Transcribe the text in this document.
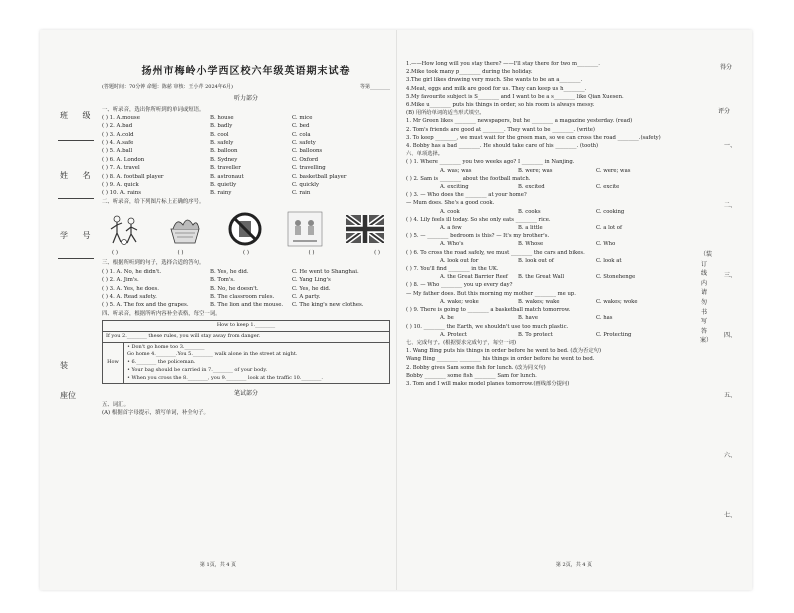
班 级
姓 名
学 号
装
座位
扬州市梅岭小学西区校六年级英语期末试卷
(答题时间：70分钟 命题：陈慈 审核：王小芹 2024年6月)	等第________
听力部分
一、听录音，选出你所听到的单词或短语。
( ) 1. A.mouse	B. house	C. mice
( ) 2. A.bad	B. badly	C. bed
( ) 3. A.cold	B. cool	C. cola
( ) 4. A.safe	B. safely	C. safety
( ) 5. A.ball	B. balloon	C. balloons
( ) 6. A. London	B. Sydney	C. Oxford
( ) 7. A. travel	B. traveller	C. travelling
( ) 8. A. football player	B. astronaut	C. basketball player
( ) 9. A. quick	B. quietly	C. quickly
( ) 10. A. rains	B. rainy	C. rain
二、听录音，给下列图片标上正确的序号。
( )	( )	( )	( )	( )
三、根据所听到的句子，选择合适的答句。
( ) 1. A. No, he didn't.	B. Yes, he did.	C. He went to Shanghai.
( ) 2. A. Jim's.	B. Tom's.	C. Yang Ling's
( ) 3. A. Yes, he does.	B. No, he doesn't.	C. Yes, he did.
( ) 4. A. Read safety.	B. The classroom rules.	C. A party.
( ) 5. A. The fox and the grapes.	B. The lion and the mouse.	C. The king's new clothes.
四、听录音，根据所听内容补全表格，每空一词。
How to keep 1.________
If you 2.________ these rules, you will stay away from danger.
How	
• Don't go home too 3.________
Go home 4.________.You 5.________ walk alone in the street at night.
• 6.________ the policeman.
• Your bag should be carried in 7.________ of your body.
• When you cross the 8.________, you 9.________ look at the traffic 10.________.
笔试部分
五、词汇。
(A) 根据首字母提示，填写单词，补全句子。
第 1页，共 4 页
1.——How long will you stay there? ——I'll stay there for two m________.
2.Mike took many p________ during the holiday.
3.The girl likes drawing very much. She wants to be an a________.
4.Meat, eggs and milk are good for us. They can keep us h________.
5.My favourite subject is S________ and I want to be a s________ like Qian Xuesen.
6.Mike u________ puts his things in order, so his room is always messy.
(B) 用所给单词的适当形式填空。
1. Mr Green likes ________ newspapers, but he ________ a magazine yesterday. (read)
2. Tom's friends are good at ________. They want to be ________. (write)
3. To keep ________, we must wait for the green man, so we can cross the road ________.(safety)
4. Bobby has a bad ________. He should take care of his ________. (tooth)
六、单项选择。
( ) 1. Where ________ you two weeks ago? I ________ in Nanjing.
A. was; was	B. were; was	C. were; was
( ) 2. Sam is ________ about the football match.
A. exciting	B. excited	C. excite
( ) 3. — Who does the ________ at your home?
— Mum does. She's a good cook.
A. cook	B. cooks	C. cooking
( ) 4. Lily feels ill today. So she only eats ________ rice.
A. a few	B. a little	C. a lot of
( ) 5. — ________ bedroom is this? — It's my brother's.
A. Who's	B. Whose	C. Who
( ) 6. To cross the road safely, we must ________ the cars and bikes.
A. look out for	B. look out of	C. look at
( ) 7. You'll find ________ in the UK.
A. the Great Barrier Reef	B. the Great Wall	C. Stonehenge
( ) 8. — Who ________ you up every day?
— My father does. But this morning my mother ________ me up.
A. wake; woke	B. wakes; wake	C. wakes; woke
( ) 9. There is going to ________ a basketball match tomorrow.
A. be	B. have	C. has
( ) 10. ________ the Earth, we shouldn't use too much plastic.
A. Protect	B. To protect	C. Protecting
七、完成句子。(根据要求完成句子，每空一词)
1. Wang Bing puts his things in order before he went to bed. (改为否定句)
Wang Bing ________ ________ his things in order before he went to bed.
2. Bobby gives Sam some fish for lunch. (改为同义句)
Bobby ________ some fish ________ Sam for lunch.
3. Tom and I will make model planes tomorrow.(画线部分提问)
得分
评分
一、
二、
三、
四、
五、
六、
七、
（装订线内请勿书写答案）
第 2页，共 4 页
